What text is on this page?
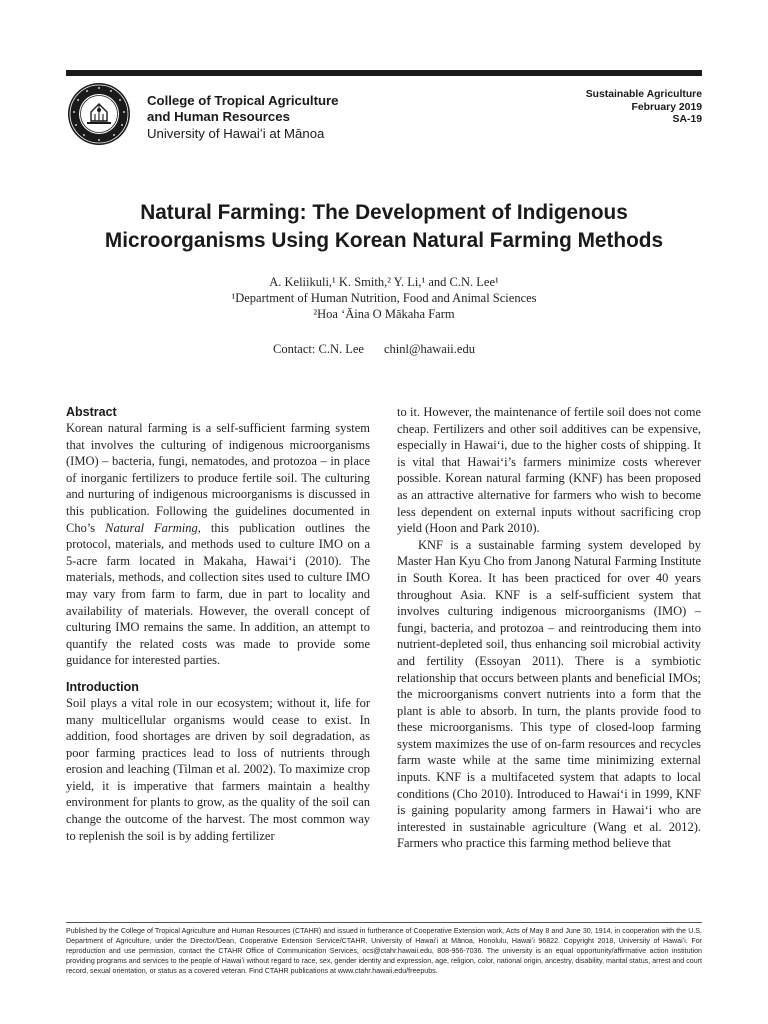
College of Tropical Agriculture
and Human Resources
University of Hawaiʻi at Mānoa
Sustainable Agriculture
February 2019
SA-19
Natural Farming: The Development of Indigenous
Microorganisms Using Korean Natural Farming Methods
A. Keliikuli,¹ K. Smith,² Y. Li,¹ and C.N. Lee¹
¹Department of Human Nutrition, Food and Animal Sciences
²Hoa ʻĀina O Mākaha Farm
Contact: C.N. Lee chinl@hawaii.edu
Abstract

Korean natural farming is a self-sufficient farming system that involves the culturing of indigenous microorganisms (IMO) – bacteria, fungi, nematodes, and protozoa – in place of inorganic fertilizers to produce fertile soil. The culturing and nurturing of indigenous microorganisms is discussed in this publication. Following the guidelines documented in Cho’s Natural Farming, this publication outlines the protocol, materials, and methods used to culture IMO on a 5-acre farm located in Makaha, Hawaiʻi (2010). The materials, methods, and collection sites used to culture IMO may vary from farm to farm, due in part to locality and availability of materials. However, the overall concept of culturing IMO remains the same. In addition, an attempt to quantify the related costs was made to provide some guidance for interested parties.

Introduction

Soil plays a vital role in our ecosystem; without it, life for many multicellular organisms would cease to exist. In addition, food shortages are driven by soil degradation, as poor farming practices lead to loss of nutrients through erosion and leaching (Tilman et al. 2002). To maximize crop yield, it is imperative that farmers maintain a healthy environment for plants to grow, as the quality of the soil can change the outcome of the harvest. The most common way to replenish the soil is by adding fertilizer

to it. However, the maintenance of fertile soil does not come cheap. Fertilizers and other soil additives can be expensive, especially in Hawaiʻi, due to the higher costs of shipping. It is vital that Hawaiʻi’s farmers minimize costs wherever possible. Korean natural farming (KNF) has been proposed as an attractive alternative for farmers who wish to become less dependent on external inputs without sacrificing crop yield (Hoon and Park 2010).

KNF is a sustainable farming system developed by Master Han Kyu Cho from Janong Natural Farming Institute in South Korea. It has been practiced for over 40 years throughout Asia. KNF is a self-sufficient system that involves culturing indigenous microorganisms (IMO) – fungi, bacteria, and protozoa – and reintroducing them into nutrient-depleted soil, thus enhancing soil microbial activity and fertility (Essoyan 2011). There is a symbiotic relationship that occurs between plants and beneficial IMOs; the microorganisms convert nutrients into a form that the plant is able to absorb. In turn, the plants provide food to these microorganisms. This type of closed-loop farming system maximizes the use of on-farm resources and recycles farm waste while at the same time minimizing external inputs. KNF is a multifaceted system that adapts to local conditions (Cho 2010). Introduced to Hawaiʻi in 1999, KNF is gaining popularity among farmers in Hawaiʻi who are interested in sustainable agriculture (Wang et al. 2012). Farmers who practice this farming method believe that

Published by the College of Tropical Agriculture and Human Resources (CTAHR) and issued in furtherance of Cooperative Extension work, Acts of May 8 and June 30, 1914, in cooperation with the U.S. Department of Agriculture, under the Director/Dean, Cooperative Extension Service/CTAHR, University of Hawaiʻi at Mānoa, Honolulu, Hawaiʻi 96822. Copyright 2018, University of Hawaiʻi. For reproduction and use permission, contact the CTAHR Office of Communication Services, ocs@ctahr.hawaii.edu, 808-956-7036. The university is an equal opportunity/affirmative action institution providing programs and services to the people of Hawaiʻi without regard to race, sex, gender identity and expression, age, religion, color, national origin, ancestry, disability, marital status, arrest and court record, sexual orientation, or status as a covered veteran. Find CTAHR publications at www.ctahr.hawaii.edu/freepubs.
